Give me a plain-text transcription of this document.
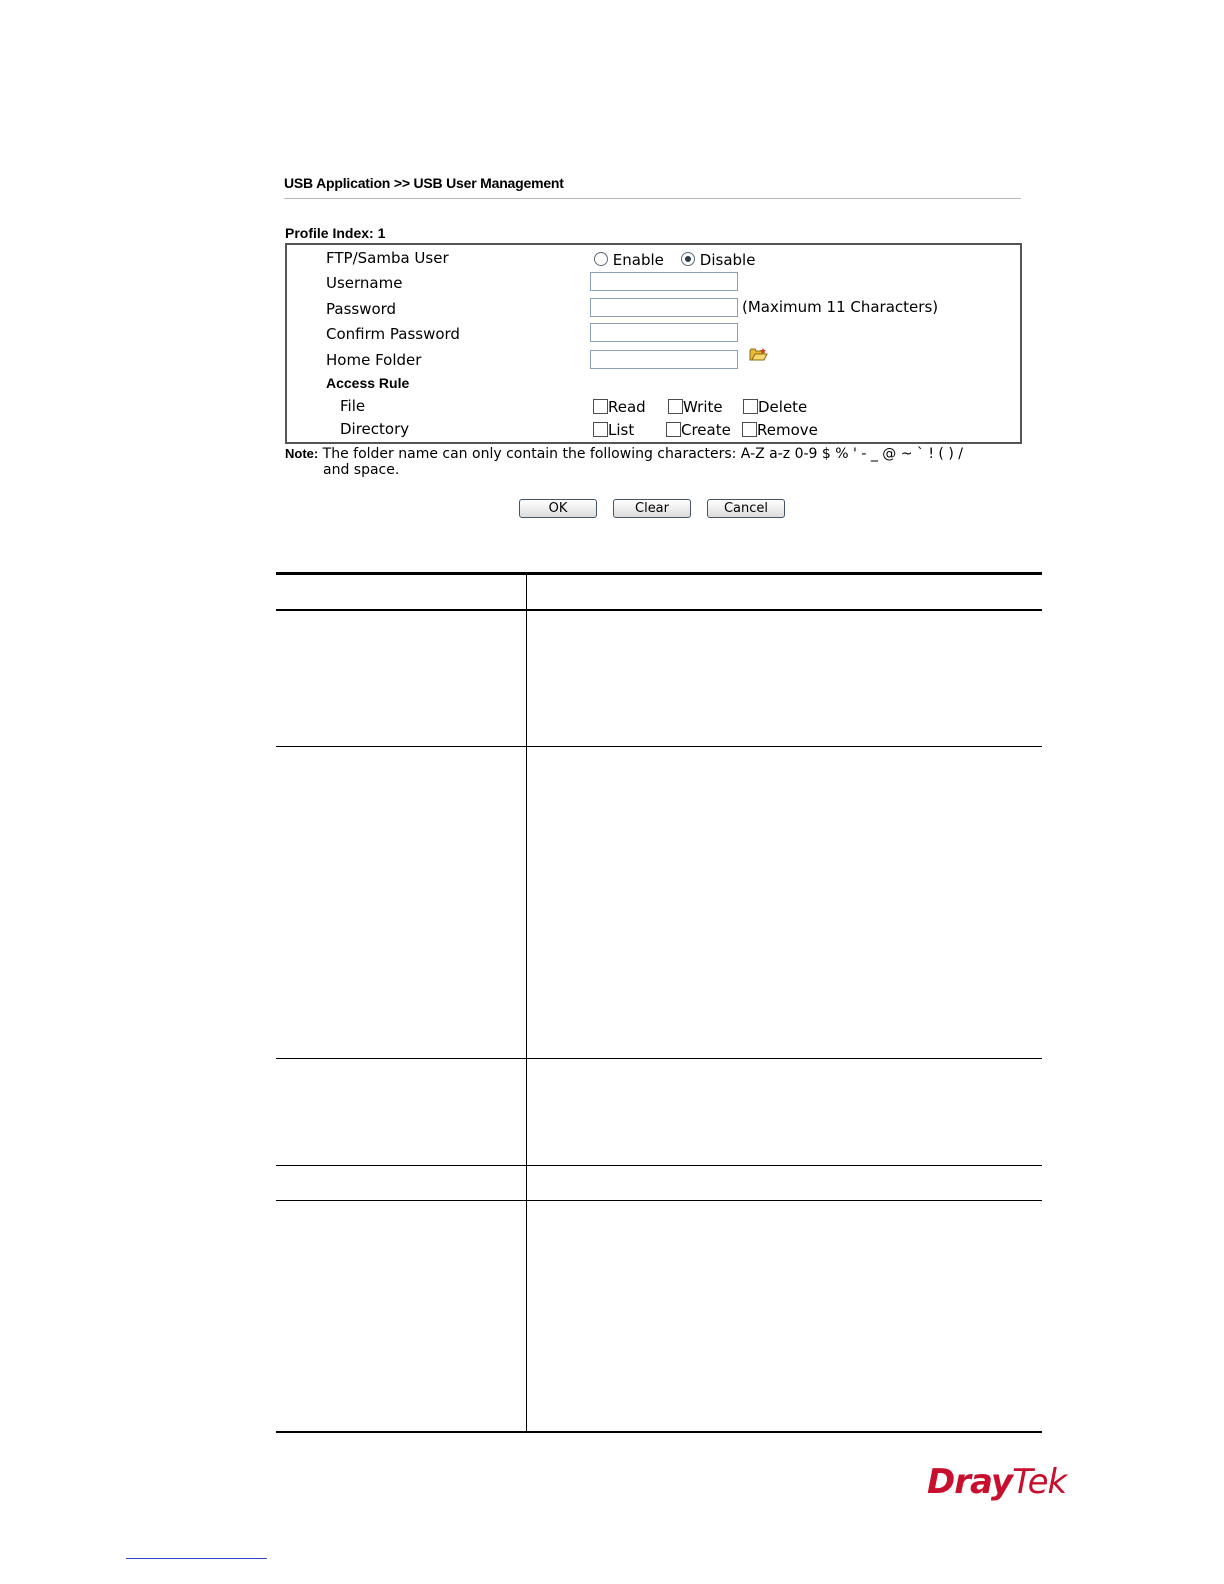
USB Application >> USB User Management
Profile Index: 1
FTP/Samba User	Enable	Disable
Username
Password	(Maximum 11 Characters)
Confirm Password
Home Folder
Access Rule
File	Read	Write	Delete
Directory	List	Create	Remove
Note: The folder name can only contain the following characters: A-Z a-z 0-9 $ % ' - _ @ ~ ` ! ( ) /
and space.
OK	Clear	Cancel
DrayTek
